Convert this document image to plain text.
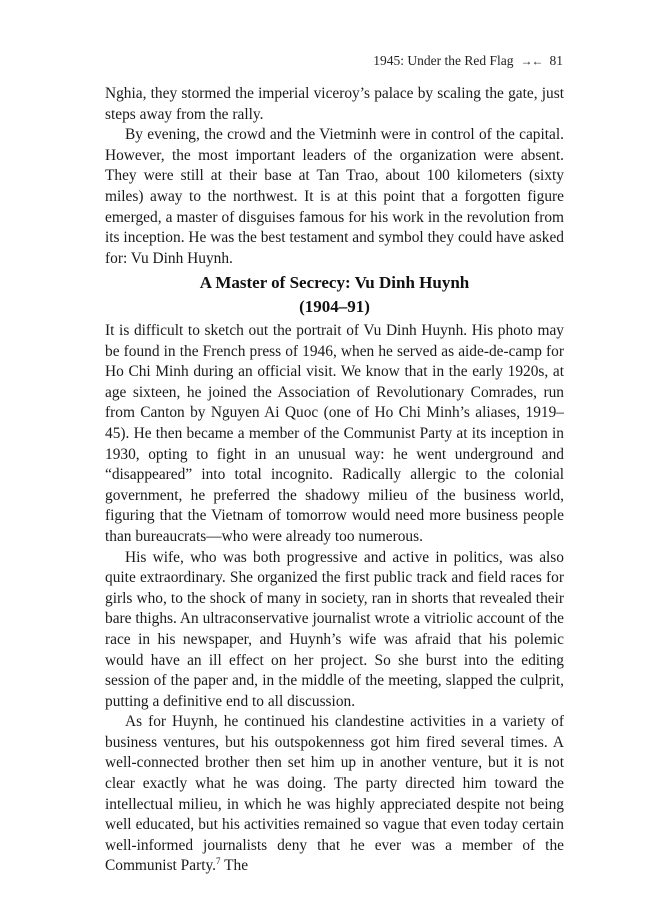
1945: Under the Red Flag →← 81

Nghia, they stormed the imperial viceroy’s palace by scaling the gate, just steps away from the rally.

By evening, the crowd and the Vietminh were in control of the capital. However, the most important leaders of the organization were absent. They were still at their base at Tan Trao, about 100 kilometers (sixty miles) away to the northwest. It is at this point that a forgotten figure emerged, a master of disguises famous for his work in the revolution from its inception. He was the best testament and symbol they could have asked for: Vu Dinh Huynh.

A Master of Secrecy: Vu Dinh Huynh
(1904–91)

It is difficult to sketch out the portrait of Vu Dinh Huynh. His photo may be found in the French press of 1946, when he served as aide-de-camp for Ho Chi Minh during an official visit. We know that in the early 1920s, at age sixteen, he joined the Association of Revolutionary Comrades, run from Canton by Nguyen Ai Quoc (one of Ho Chi Minh’s aliases, 1919–45). He then became a member of the Communist Party at its inception in 1930, opting to fight in an unusual way: he went underground and “disappeared” into total incognito. Radically allergic to the colonial government, he preferred the shadowy milieu of the business world, figuring that the Vietnam of tomorrow would need more business people than bureaucrats—who were already too numerous.

His wife, who was both progressive and active in politics, was also quite extraordinary. She organized the first public track and field races for girls who, to the shock of many in society, ran in shorts that revealed their bare thighs. An ultraconservative journalist wrote a vitriolic account of the race in his newspaper, and Huynh’s wife was afraid that his polemic would have an ill effect on her project. So she burst into the editing session of the paper and, in the middle of the meeting, slapped the culprit, putting a definitive end to all discussion.

As for Huynh, he continued his clandestine activities in a variety of business ventures, but his outspokenness got him fired several times. A well-connected brother then set him up in another venture, but it is not clear exactly what he was doing. The party directed him toward the intellectual milieu, in which he was highly appreciated despite not being well educated, but his activities remained so vague that even today certain well-informed journalists deny that he ever was a member of the Communist Party.$^7$ The
